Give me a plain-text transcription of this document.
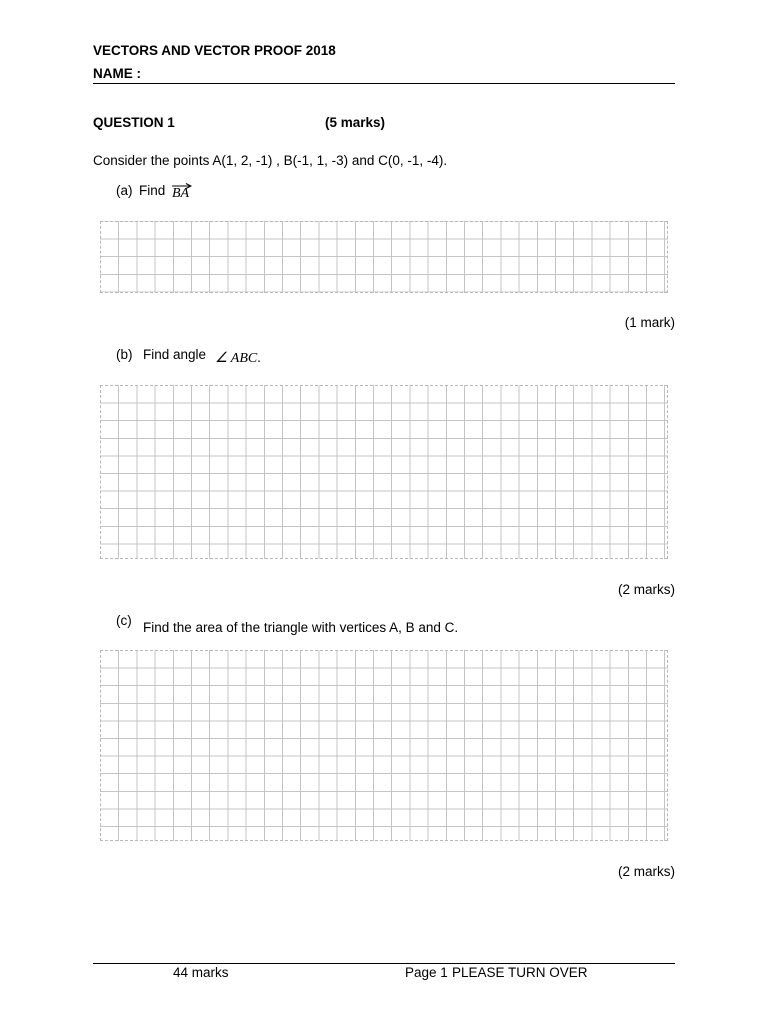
VECTORS AND VECTOR PROOF 2018
NAME :
QUESTION 1	(5 marks)
Consider the points A(1, 2, -1) , B(-1, 1, -3) and C(0, -1, -4).
(a) Find BA
(1 mark)
(b) Find angle ∠ ABC.
(2 marks)
(c) Find the area of the triangle with vertices A, B and C.
(2 marks)
44 marks	Page 1 PLEASE TURN OVER
